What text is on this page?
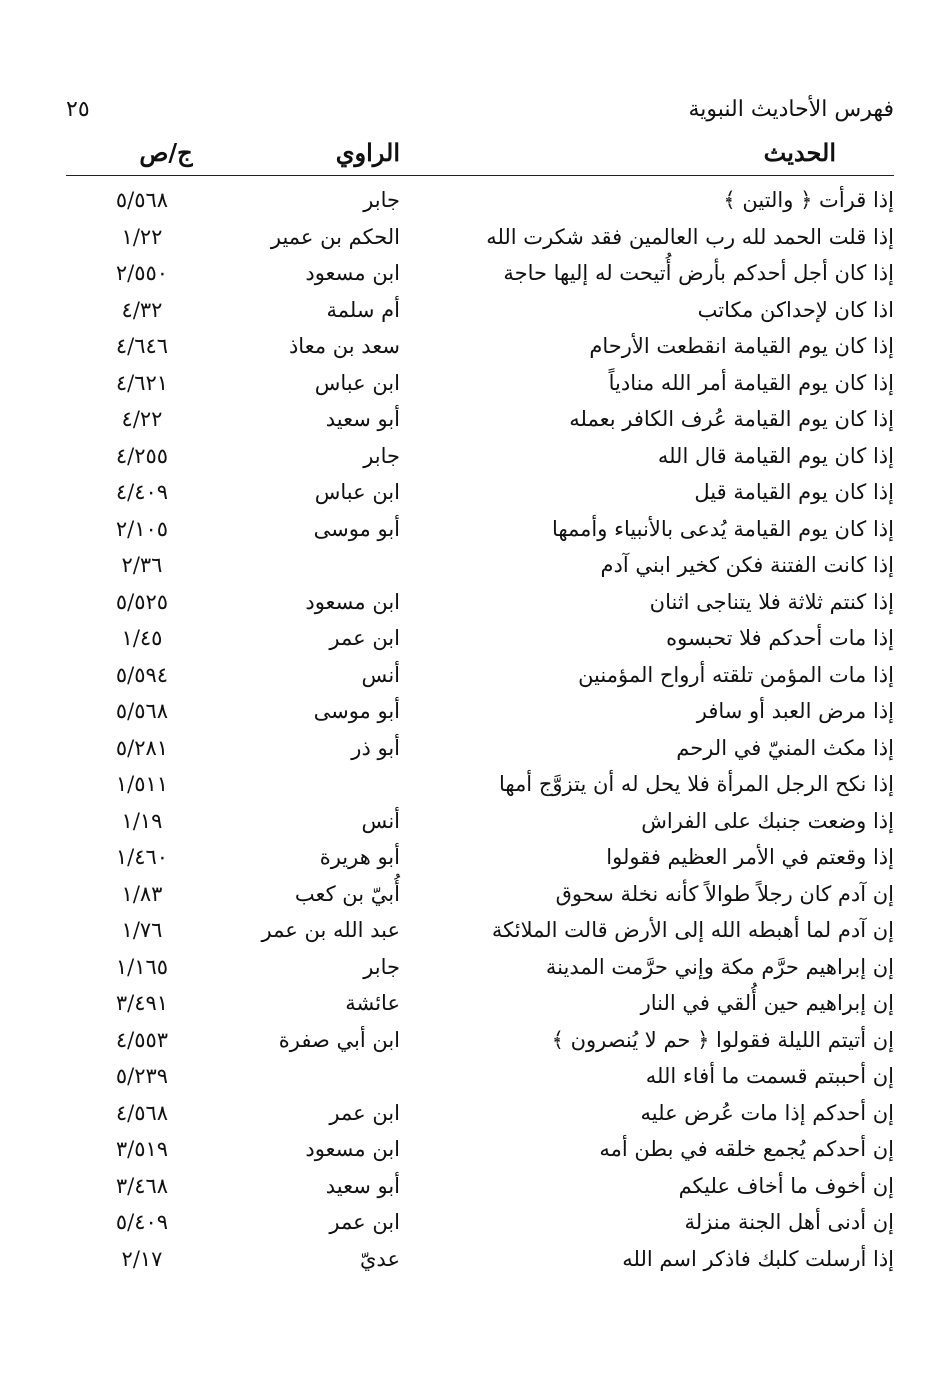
فهرس الأحاديث النبوية
٢٥
الحديث
الراوي
ج/ص
إذا قرأت ﴿ والتين ﴾
جابر
٥/٥٦٨
إذا قلت الحمد لله رب العالمين فقد شكرت الله
الحكم بن عمير
١/٢٢
إذا كان أجل أحدكم بأرض أُتيحت له إليها حاجة
ابن مسعود
٢/٥٥٠
اذا كان لإحداكن مكاتب
أم سلمة
٤/٣٢
إذا كان يوم القيامة انقطعت الأرحام
سعد بن معاذ
٤/٦٤٦
إذا كان يوم القيامة أمر الله منادياً
ابن عباس
٤/٦٢١
إذا كان يوم القيامة عُرف الكافر بعمله
أبو سعيد
٤/٢٢
إذا كان يوم القيامة قال الله
جابر
٤/٢٥٥
إذا كان يوم القيامة قيل
ابن عباس
٤/٤٠٩
إذا كان يوم القيامة يُدعى بالأنبياء وأممها
أبو موسى
٢/١٠٥
إذا كانت الفتنة فكن كخير ابني آدم
٢/٣٦
إذا كنتم ثلاثة فلا يتناجى اثنان
ابن مسعود
٥/٥٢٥
إذا مات أحدكم فلا تحبسوه
ابن عمر
١/٤٥
إذا مات المؤمن تلقته أرواح المؤمنين
أنس
٥/٥٩٤
إذا مرض العبد أو سافر
أبو موسى
٥/٥٦٨
إذا مكث المنيّ في الرحم
أبو ذر
٥/٢٨١
إذا نكح الرجل المرأة فلا يحل له أن يتزوَّج أمها
١/٥١١
إذا وضعت جنبك على الفراش
أنس
١/١٩
إذا وقعتم في الأمر العظيم فقولوا
أبو هريرة
١/٤٦٠
إن آدم كان رجلاً طوالاً كأنه نخلة سحوق
أُبيّ بن كعب
١/٨٣
إن آدم لما أهبطه الله إلى الأرض قالت الملائكة
عبد الله بن عمر
١/٧٦
إن إبراهيم حرَّم مكة وإني حرَّمت المدينة
جابر
١/١٦٥
إن إبراهيم حين أُلقي في النار
عائشة
٣/٤٩١
إن أتيتم الليلة فقولوا ﴿ حم لا يُنصرون ﴾
ابن أبي صفرة
٤/٥٥٣
إن أحببتم قسمت ما أفاء الله
٥/٢٣٩
إن أحدكم إذا مات عُرض عليه
ابن عمر
٤/٥٦٨
إن أحدكم يُجمع خلقه في بطن أمه
ابن مسعود
٣/٥١٩
إن أخوف ما أخاف عليكم
أبو سعيد
٣/٤٦٨
إن أدنى أهل الجنة منزلة
ابن عمر
٥/٤٠٩
إذا أرسلت كلبك فاذكر اسم الله
عديّ
٢/١٧
